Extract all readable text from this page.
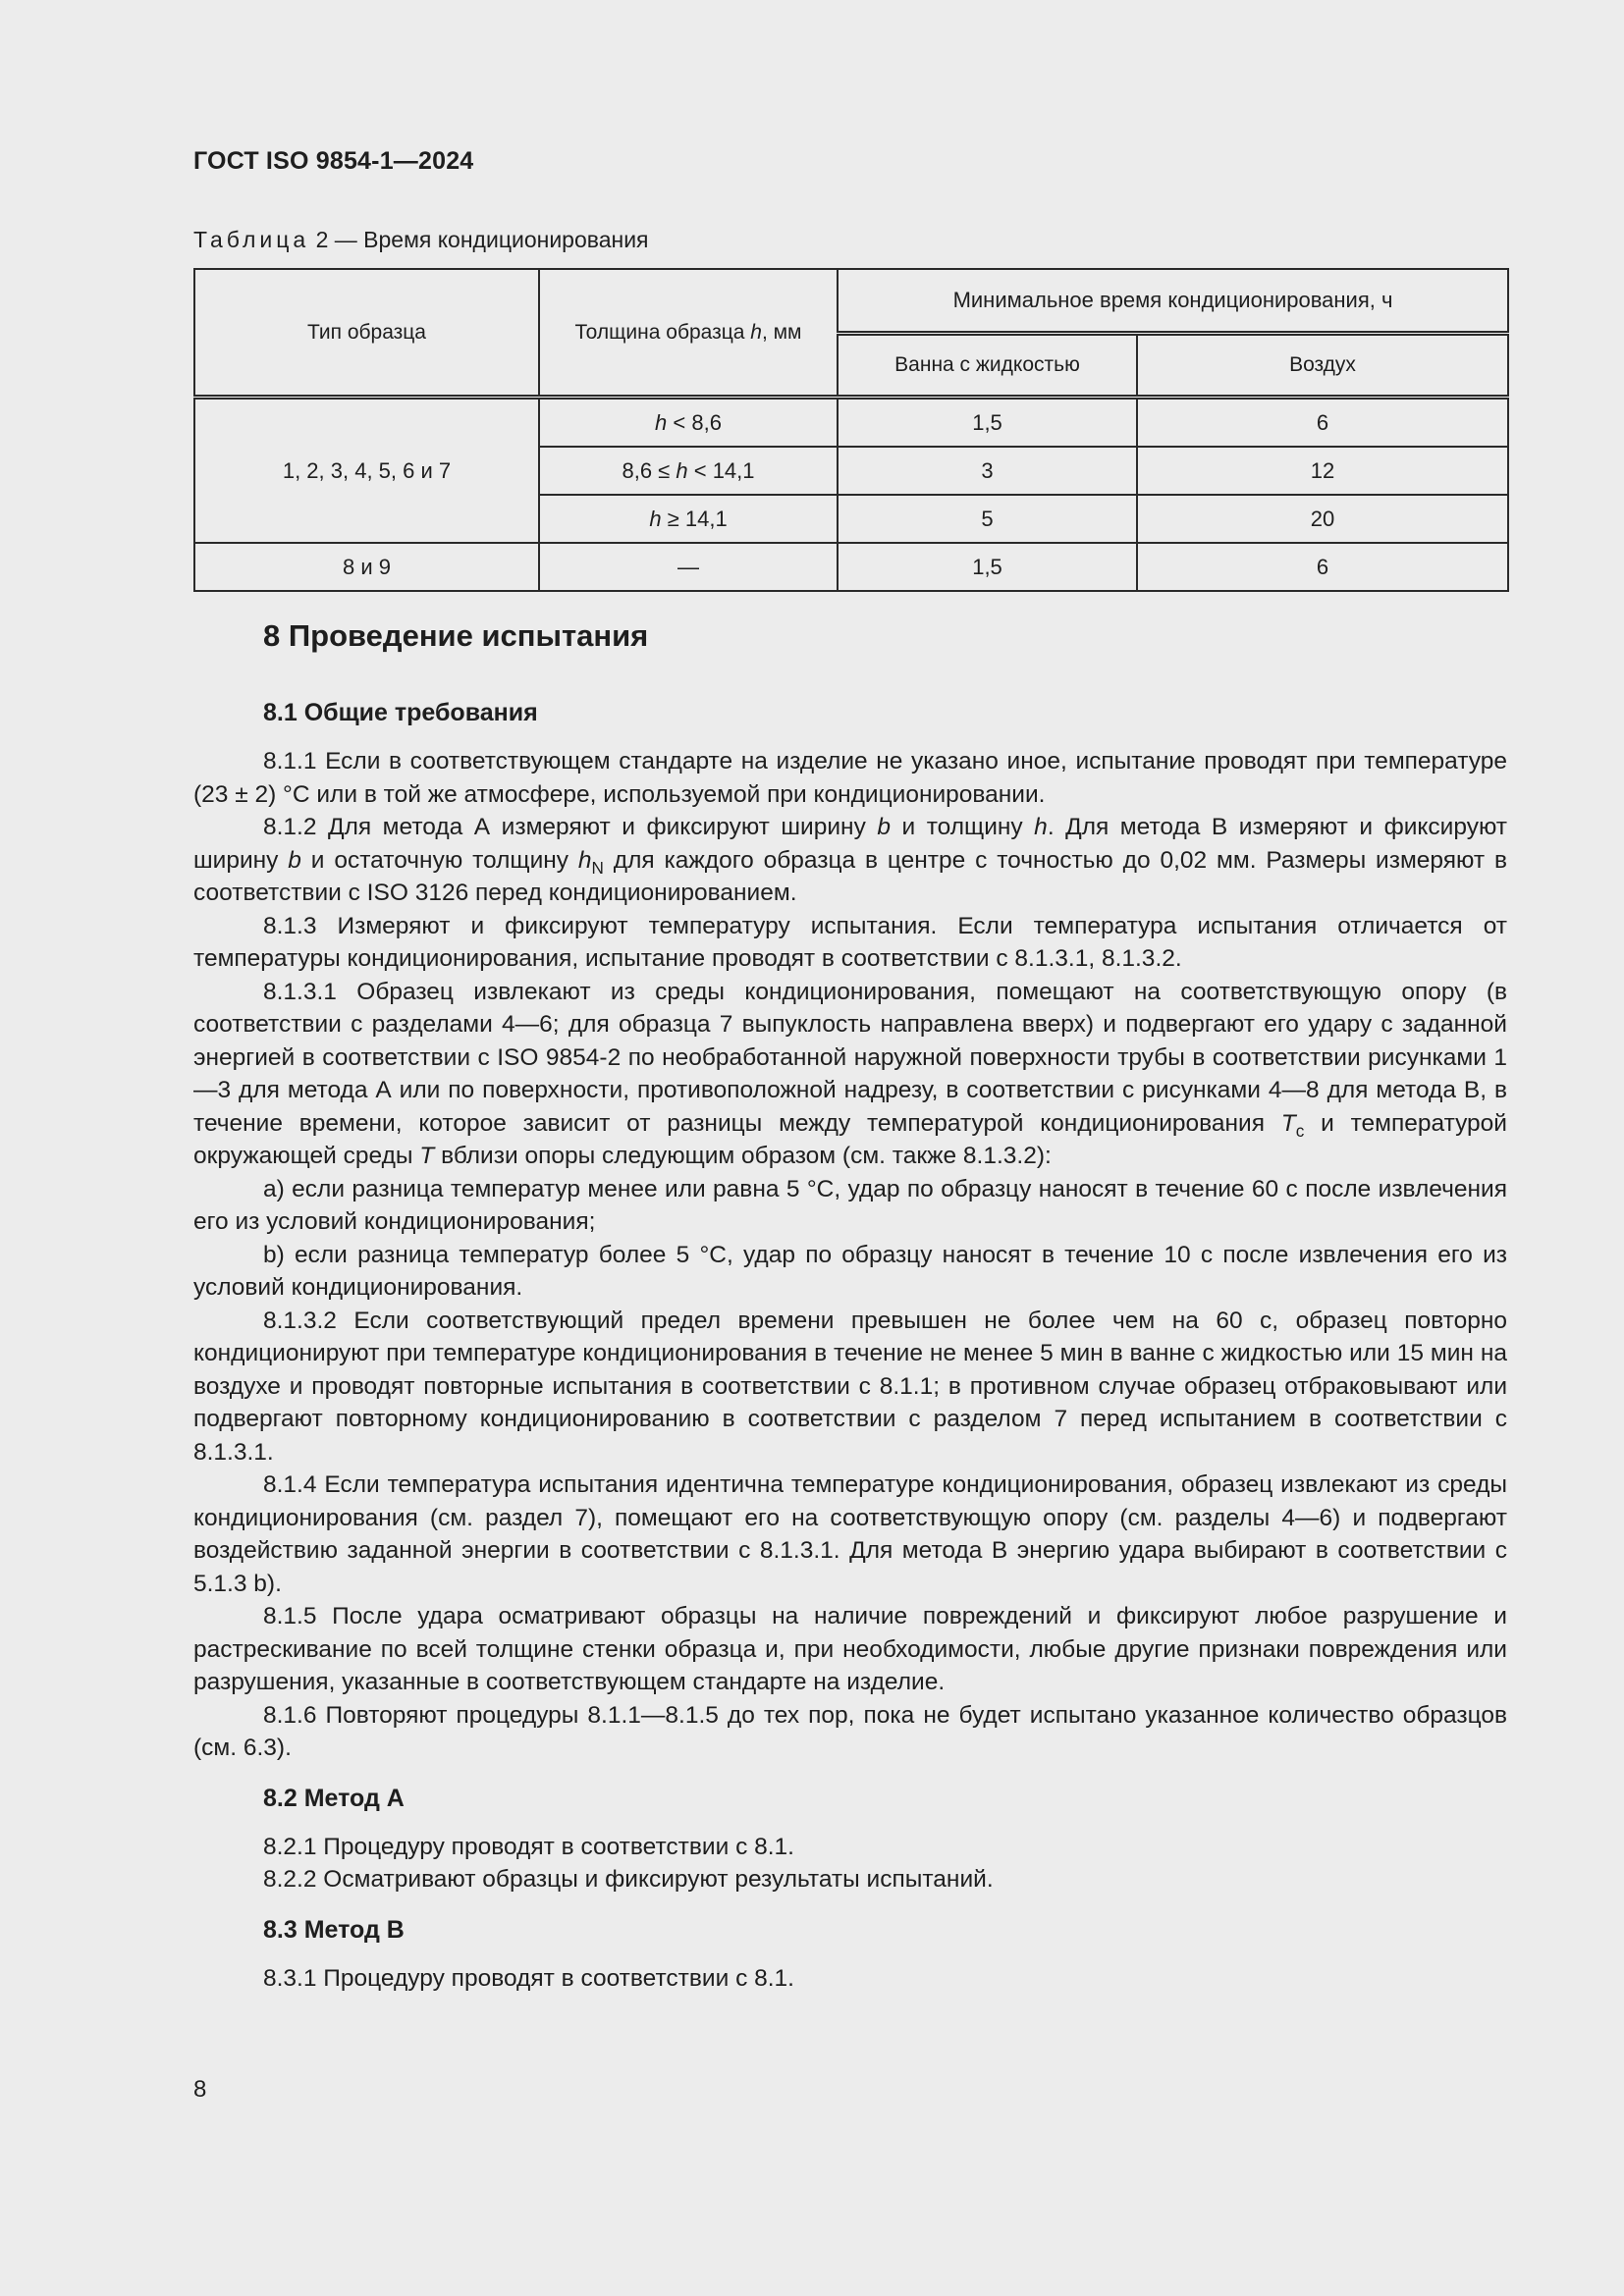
ГОСТ ISO 9854-1—2024
Таблица 2 — Время кондиционирования
Тип образца	Толщина образца h, мм	Минимальное время кондиционирования, ч	
		Ванна с жидкостью	Воздух
1, 2, 3, 4, 5, 6 и 7	h < 8,6	1,5	6
	8,6 ≤ h < 14,1	3	12
	h ≥ 14,1	5	20
8 и 9	—	1,5	6
8 Проведение испытания
8.1 Общие требования

8.1.1 Если в соответствующем стандарте на изделие не указано иное, испытание проводят при температуре (23 ± 2) °С или в той же атмосфере, используемой при кондиционировании.

8.1.2 Для метода А измеряют и фиксируют ширину b и толщину h. Для метода В измеряют и фиксируют ширину b и остаточную толщину $h_N$ для каждого образца в центре с точностью до 0,02 мм. Размеры измеряют в соответствии с ISO 3126 перед кондиционированием.

8.1.3 Измеряют и фиксируют температуру испытания. Если температура испытания отличается от температуры кондиционирования, испытание проводят в соответствии с 8.1.3.1, 8.1.3.2.

8.1.3.1 Образец извлекают из среды кондиционирования, помещают на соответствующую опору (в соответствии с разделами 4—6; для образца 7 выпуклость направлена вверх) и подвергают его удару с заданной энергией в соответствии с ISO 9854-2 по необработанной наружной поверхности трубы в соответствии рисунками 1—3 для метода А или по поверхности, противоположной надрезу, в соответствии с рисунками 4—8 для метода В, в течение времени, которое зависит от разницы между температурой кондиционирования $T_c$ и температурой окружающей среды T вблизи опоры следующим образом (см. также 8.1.3.2):

a) если разница температур менее или равна 5 °С, удар по образцу наносят в течение 60 с после извлечения его из условий кондиционирования;

b) если разница температур более 5 °С, удар по образцу наносят в течение 10 с после извлечения его из условий кондиционирования.

8.1.3.2 Если соответствующий предел времени превышен не более чем на 60 с, образец повторно кондиционируют при температуре кондиционирования в течение не менее 5 мин в ванне с жидкостью или 15 мин на воздухе и проводят повторные испытания в соответствии с 8.1.1; в противном случае образец отбраковывают или подвергают повторному кондиционированию в соответствии с разделом 7 перед испытанием в соответствии с 8.1.3.1.

8.1.4 Если температура испытания идентична температуре кондиционирования, образец извлекают из среды кондиционирования (см. раздел 7), помещают его на соответствующую опору (см. разделы 4—6) и подвергают воздействию заданной энергии в соответствии с 8.1.3.1. Для метода В энергию удара выбирают в соответствии с 5.1.3 b).

8.1.5 После удара осматривают образцы на наличие повреждений и фиксируют любое разрушение и растрескивание по всей толщине стенки образца и, при необходимости, любые другие признаки повреждения или разрушения, указанные в соответствующем стандарте на изделие.

8.1.6 Повторяют процедуры 8.1.1—8.1.5 до тех пор, пока не будет испытано указанное количество образцов (см. 6.3).

8.2 Метод А

8.2.1 Процедуру проводят в соответствии с 8.1.

8.2.2 Осматривают образцы и фиксируют результаты испытаний.

8.3 Метод В

8.3.1 Процедуру проводят в соответствии с 8.1.

8
